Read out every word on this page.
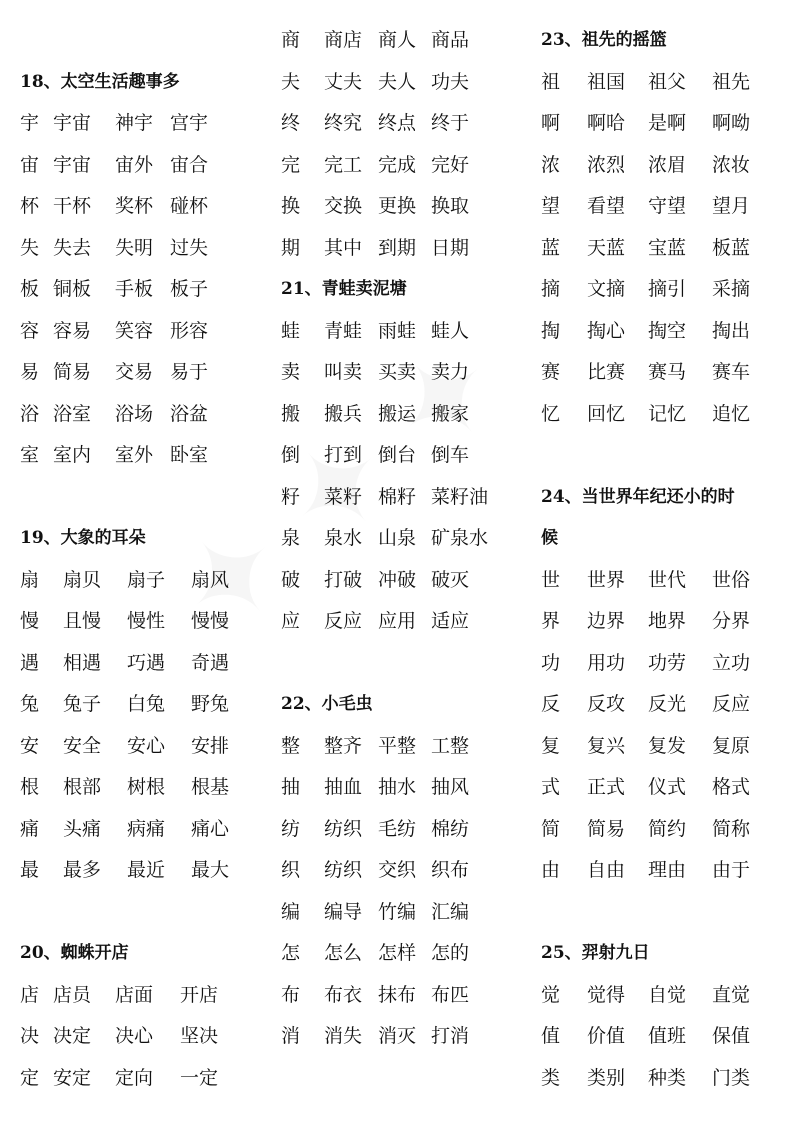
18、太空生活趣事多
宇 宇宙 神宇 宫宇
宙 宇宙 宙外 宙合
杯 干杯 奖杯 碰杯
失 失去 失明 过失
板 铜板 手板 板子
容 容易 笑容 形容
易 简易 交易 易于
浴 浴室 浴场 浴盆
室 室内 室外 卧室
19、大象的耳朵
扇 扇贝 扇子 扇风
慢 且慢 慢性 慢慢
遇 相遇 巧遇 奇遇
兔 兔子 白兔 野兔
安 安全 安心 安排
根 根部 树根 根基
痛 头痛 病痛 痛心
最 最多 最近 最大
20、蜘蛛开店
店 店员 店面 开店
决 决定 决心 坚决
定 安定 定向 一定
商 商店 商人 商品
夫 丈夫 夫人 功夫
终 终究 终点 终于
完 完工 完成 完好
换 交换 更换 换取
期 其中 到期 日期
21、青蛙卖泥塘
蛙 青蛙 雨蛙 蛙人
卖 叫卖 买卖 卖力
搬 搬兵 搬运 搬家
倒 打到 倒台 倒车
籽 菜籽 棉籽 菜籽油
泉 泉水 山泉 矿泉水
破 打破 冲破 破灭
应 反应 应用 适应
22、小毛虫
整 整齐 平整 工整
抽 抽血 抽水 抽风
纺 纺织 毛纺 棉纺
织 纺织 交织 织布
编 编导 竹编 汇编
怎 怎么 怎样 怎的
布 布衣 抹布 布匹
消 消失 消灭 打消
23、祖先的摇篮
祖 祖国 祖父 祖先
啊 啊哈 是啊 啊呦
浓 浓烈 浓眉 浓妆
望 看望 守望 望月
蓝 天蓝 宝蓝 板蓝
摘 文摘 摘引 采摘
掏 掏心 掏空 掏出
赛 比赛 赛马 赛车
忆 回忆 记忆 追忆
24、当世界年纪还小的时
候
世 世界 世代 世俗
界 边界 地界 分界
功 用功 功劳 立功
反 反攻 反光 反应
复 复兴 复发 复原
式 正式 仪式 格式
简 简易 简约 简称
由 自由 理由 由于
25、羿射九日
觉 觉得 自觉 直觉
值 价值 值班 保值
类 类别 种类 门类
